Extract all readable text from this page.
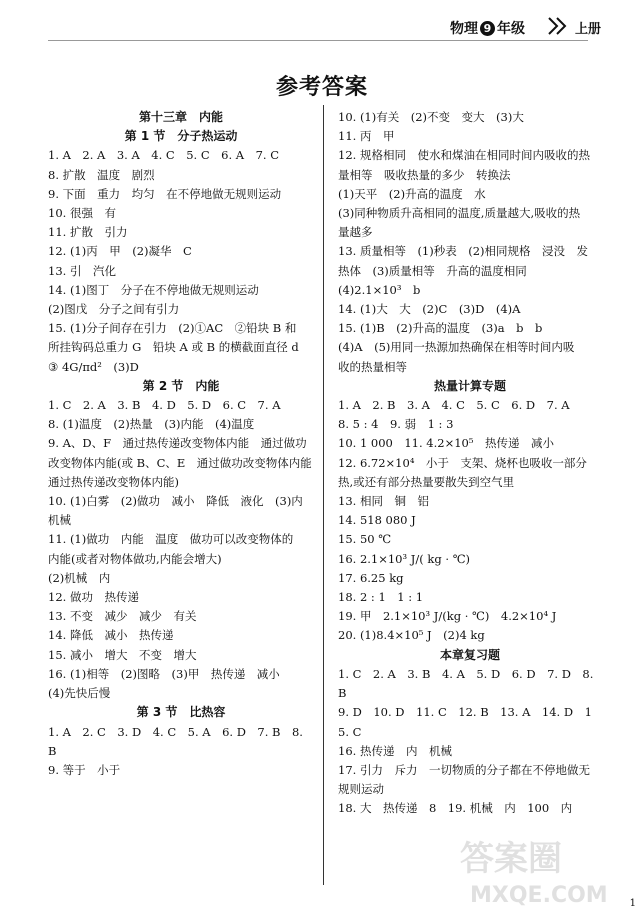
物理 9 年级	上册
参考答案
第十三章　内能
第 1 节　分子热运动
1. A　2. A　3. A　4. C　5. C　6. A　7. C
8. 扩散　温度　剧烈
9. 下面　重力　均匀　在不停地做无规则运动
10. 很强　有
11. 扩散　引力
12. (1)丙　甲　(2)凝华　C
13. 引　汽化
14. (1)图丁　分子在不停地做无规则运动
(2)图戊　分子之间有引力
15. (1)分子间存在引力　(2)①AC　②铅块 B 和
所挂钩码总重力 G　铅块 A 或 B 的横截面直径 d
③ 4G/πd²　(3)D
第 2 节　内能
1. C　2. A　3. B　4. D　5. D　6. C　7. A
8. (1)温度　(2)热量　(3)内能　(4)温度
9. A、D、F　通过热传递改变物体内能　通过做功
改变物体内能(或 B、C、E　通过做功改变物体内能
通过热传递改变物体内能)
10. (1)白雾　(2)做功　减小　降低　液化　(3)内
机械
11. (1)做功　内能　温度　做功可以改变物体的
内能(或者对物体做功,内能会增大)
(2)机械　内
12. 做功　热传递
13. 不变　减少　减少　有关
14. 降低　减小　热传递
15. 减小　增大　不变　增大
16. (1)相等　(2)图略　(3)甲　热传递　减小
(4)先快后慢
第 3 节　比热容
1. A　2. C　3. D　4. C　5. A　6. D　7. B　8. B
9. 等于　小于
10. (1)有关　(2)不变　变大　(3)大
11. 丙　甲
12. 规格相同　使水和煤油在相同时间内吸收的热
量相等　吸收热量的多少　转换法
(1)天平　(2)升高的温度　水
(3)同种物质升高相同的温度,质量越大,吸收的热
量越多
13. 质量相等　(1)秒表　(2)相同规格　浸没　发
热体　(3)质量相等　升高的温度相同
(4)2.1×10³　b
14. (1)大　大　(2)C　(3)D　(4)A
15. (1)B　(2)升高的温度　(3)a　b　b
(4)A　(5)用同一热源加热确保在相等时间内吸
收的热量相等
热量计算专题
1. A　2. B　3. A　4. C　5. C　6. D　7. A
8. 5 : 4　9. 弱　1 : 3
10. 1 000　11. 4.2×10⁵　热传递　减小
12. 6.72×10⁴　小于　支架、烧杯也吸收一部分
热,或还有部分热量要散失到空气里
13. 相同　铜　铝
14. 518 080 J
15. 50 ℃
16. 2.1×10³ J/( kg · ℃)
17. 6.25 kg
18. 2 : 1　1 : 1
19. 甲　2.1×10³ J/(kg · ℃)　4.2×10⁴ J
20. (1)8.4×10⁵ J　(2)4 kg
本章复习题
1. C　2. A　3. B　4. A　5. D　6. D　7. D　8. B
9. D　10. D　11. C　12. B　13. A　14. D　15. C
16. 热传递　内　机械
17. 引力　斥力　一切物质的分子都在不停地做无
规则运动
18. 大　热传递　8　19. 机械　内　100　内
答案圈
MXQE.COM 1
